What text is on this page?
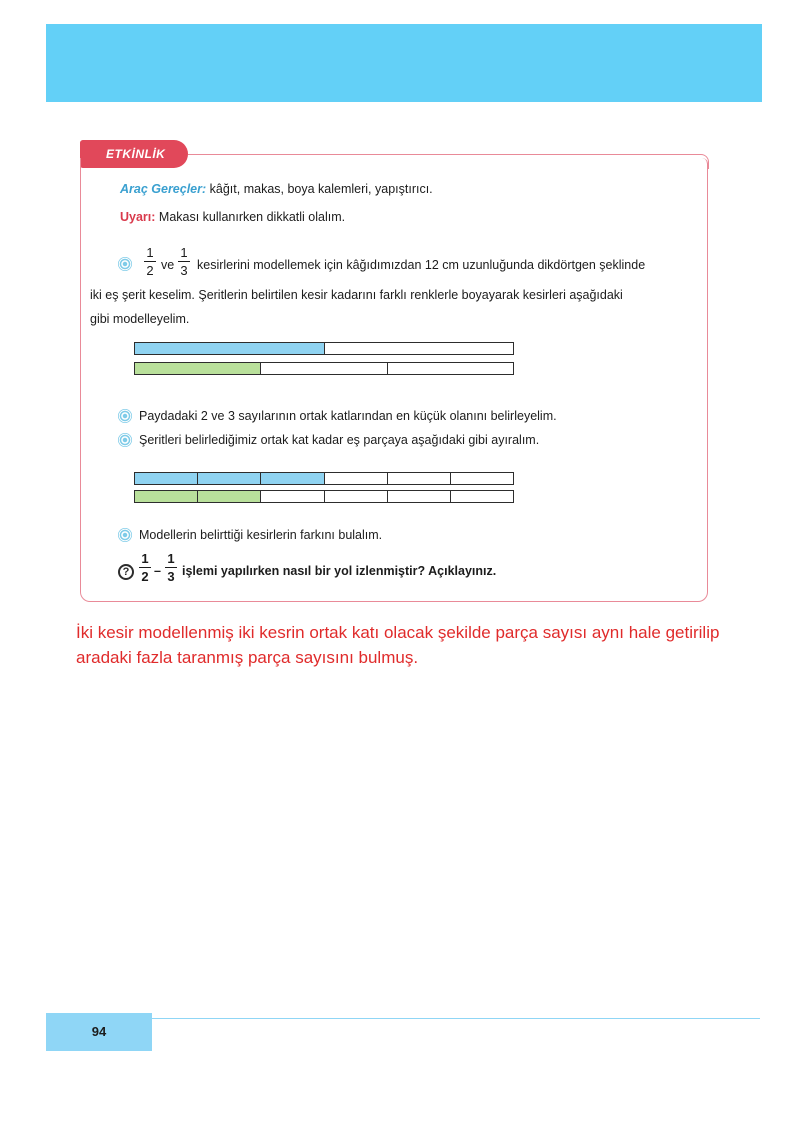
ETKİNLİK
Araç Gereçler: kâğıt, makas, boya kalemleri, yapıştırıcı.
Uyarı: Makası kullanırken dikkatli olalım.
1
2 ve
1
3 kesirlerini modellemek için kâğıdımızdan 12 cm uzunluğunda dikdörtgen şeklinde
iki eş şerit keselim. Şeritlerin belirtilen kesir kadarını farklı renklerle boyayarak kesirleri aşağıdaki
gibi modelleyelim.
Paydadaki 2 ve 3 sayılarının ortak katlarından en küçük olanını belirleyelim.
Şeritleri belirlediğimiz ortak kat kadar eş parçaya aşağıdaki gibi ayıralım.
Modellerin belirttiği kesirlerin farkını bulalım.
?
1
2 –
1
3 işlemi yapılırken nasıl bir yol izlenmiştir? Açıklayınız.
İki kesir modellenmiş iki kesrin ortak katı olacak şekilde parça sayısı aynı hale getirilip aradaki fazla taranmış parça sayısını bulmuş.
94
